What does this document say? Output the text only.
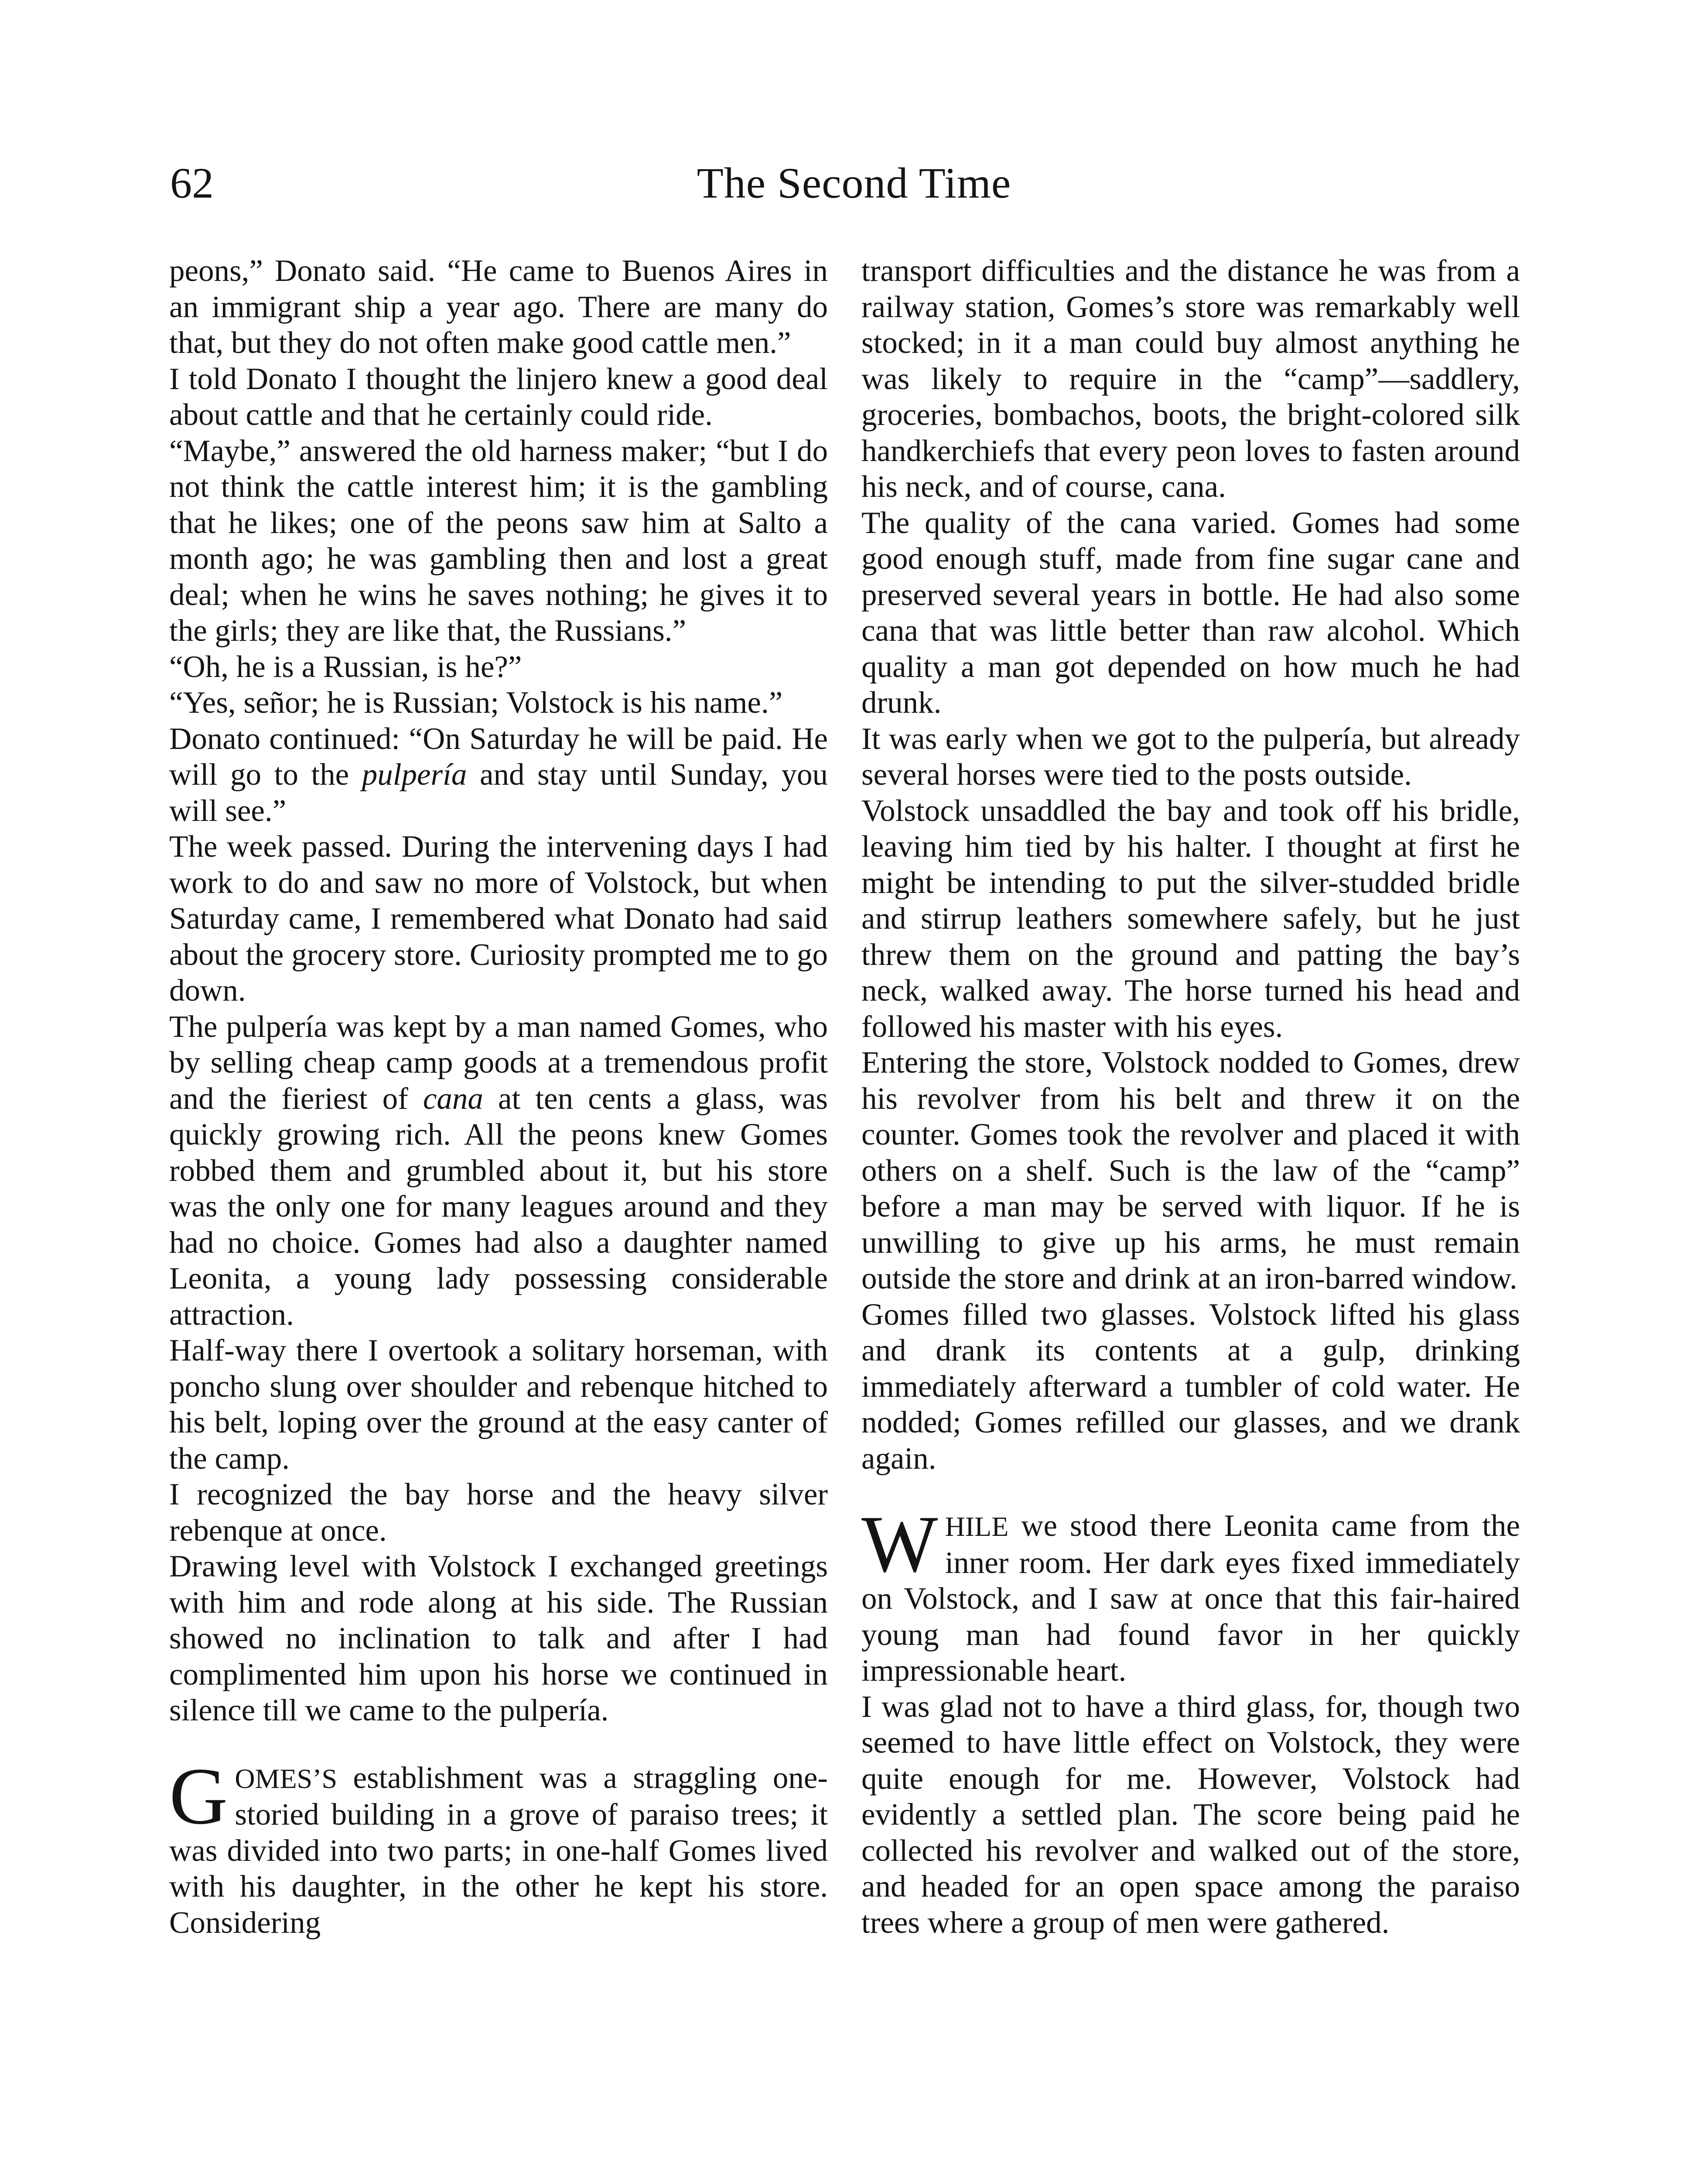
62	The Second Time

peons,” Donato said. “He came to Buenos Aires in an immigrant ship a year ago. There are many do that, but they do not often make good cattle men.”

I told Donato I thought the linjero knew a good deal about cattle and that he certainly could ride.

“Maybe,” answered the old harness maker; “but I do not think the cattle interest him; it is the gambling that he likes; one of the peons saw him at Salto a month ago; he was gambling then and lost a great deal; when he wins he saves nothing; he gives it to the girls; they are like that, the Russians.”

“Oh, he is a Russian, is he?”

“Yes, señor; he is Russian; Volstock is his name.”

Donato continued: “On Saturday he will be paid. He will go to the pulpería and stay until Sunday, you will see.”

The week passed. During the intervening days I had work to do and saw no more of Volstock, but when Saturday came, I remembered what Donato had said about the grocery store. Curiosity prompted me to go down.

The pulpería was kept by a man named Gomes, who by selling cheap camp goods at a tremendous profit and the fieriest of cana at ten cents a glass, was quickly growing rich. All the peons knew Gomes robbed them and grumbled about it, but his store was the only one for many leagues around and they had no choice. Gomes had also a daughter named Leonita, a young lady possessing considerable attraction.

Half-way there I overtook a solitary horseman, with poncho slung over shoulder and rebenque hitched to his belt, loping over the ground at the easy canter of the camp.

I recognized the bay horse and the heavy silver rebenque at once.

Drawing level with Volstock I exchanged greetings with him and rode along at his side. The Russian showed no inclination to talk and after I had complimented him upon his horse we continued in silence till we came to the pulpería.

GOMES’S establishment was a straggling one-storied building in a grove of paraiso trees; it was divided into two parts; in one-half Gomes lived with his daughter, in the other he kept his store. Considering

transport difficulties and the distance he was from a railway station, Gomes’s store was remarkably well stocked; in it a man could buy almost anything he was likely to require in the “camp”—saddlery, groceries, bombachos, boots, the bright-colored silk handkerchiefs that every peon loves to fasten around his neck, and of course, cana.

The quality of the cana varied. Gomes had some good enough stuff, made from fine sugar cane and preserved several years in bottle. He had also some cana that was little better than raw alcohol. Which quality a man got depended on how much he had drunk.

It was early when we got to the pulpería, but already several horses were tied to the posts outside.

Volstock unsaddled the bay and took off his bridle, leaving him tied by his halter. I thought at first he might be intending to put the silver-studded bridle and stirrup leathers somewhere safely, but he just threw them on the ground and patting the bay’s neck, walked away. The horse turned his head and followed his master with his eyes.

Entering the store, Volstock nodded to Gomes, drew his revolver from his belt and threw it on the counter. Gomes took the revolver and placed it with others on a shelf. Such is the law of the “camp” before a man may be served with liquor. If he is unwilling to give up his arms, he must remain outside the store and drink at an iron-barred window.

Gomes filled two glasses. Volstock lifted his glass and drank its contents at a gulp, drinking immediately afterward a tumbler of cold water. He nodded; Gomes refilled our glasses, and we drank again.

WHILE we stood there Leonita came from the inner room. Her dark eyes fixed immediately on Volstock, and I saw at once that this fair-haired young man had found favor in her quickly impressionable heart.

I was glad not to have a third glass, for, though two seemed to have little effect on Volstock, they were quite enough for me. However, Volstock had evidently a settled plan. The score being paid he collected his revolver and walked out of the store, and headed for an open space among the paraiso trees where a group of men were gathered.
